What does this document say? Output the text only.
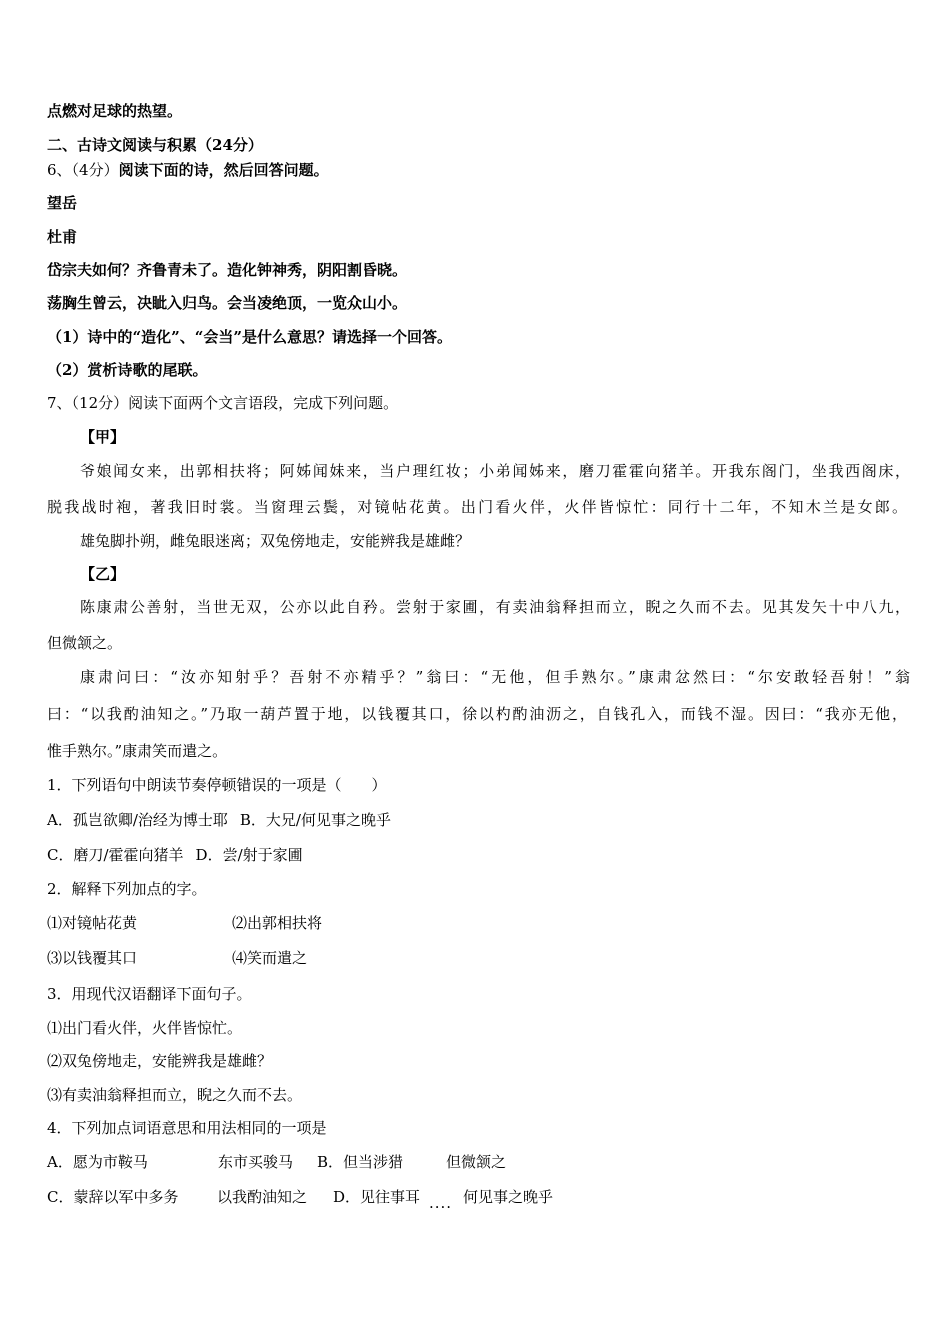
点燃对足球的热望。
二、古诗文阅读与积累（24分）
6、（4分）阅读下面的诗，然后回答问题。
望岳
杜甫
岱宗夫如何？齐鲁青未了。造化钟神秀，阴阳割昏晓。
荡胸生曾云，决眦入归鸟。会当凌绝顶，一览众山小。
（1）诗中的“造化”、“会当”是什么意思？请选择一个回答。
（2）赏析诗歌的尾联。
7、（12分）阅读下面两个文言语段，完成下列问题。
【甲】
爷娘闻女来，出郭相扶将；阿姊闻妹来，当户理红妆；小弟闻姊来，磨刀霍霍向猪羊。开我东阁门，坐我西阁床，
脱我战时袍，著我旧时裳。当窗理云鬓，对镜帖花黄。出门看火伴，火伴皆惊忙：同行十二年，不知木兰是女郎。
雄兔脚扑朔，雌兔眼迷离；双兔傍地走，安能辨我是雄雌？
【乙】
陈康肃公善射，当世无双，公亦以此自矜。尝射于家圃，有卖油翁释担而立，睨之久而不去。见其发矢十中八九，
但微颔之。
康肃问曰：“汝亦知射乎？吾射不亦精乎？”翁曰：“无他，但手熟尔。”康肃忿然曰：“尔安敢轻吾射！”翁
曰：“以我酌油知之。”乃取一葫芦置于地，以钱覆其口，徐以杓酌油沥之，自钱孔入，而钱不湿。因曰：“我亦无他，
惟手熟尔。”康肃笑而遣之。
1．下列语句中朗读节奏停顿错误的一项是（　　）
A．孤岂欲卿/治经为博士耶 B．大兄/何见事之晚乎
C．磨刀/霍霍向猪羊 D．尝/射于家圃
2．解释下列加点的字。
⑴对镜帖花黄	⑵出郭相扶将
⑶以钱覆其口	⑷笑而遣之
3．用现代汉语翻译下面句子。
⑴出门看火伴，火伴皆惊忙。
⑵双兔傍地走，安能辨我是雄雌？
⑶有卖油翁释担而立，睨之久而不去。
4．下列加点词语意思和用法相同的一项是
A．愿为市鞍马	东市买骏马 B．但当涉猎	但微颔之
C．蒙辞以军中多务	以我酌油知之 D．见往事耳 .... 何见事之晚乎
